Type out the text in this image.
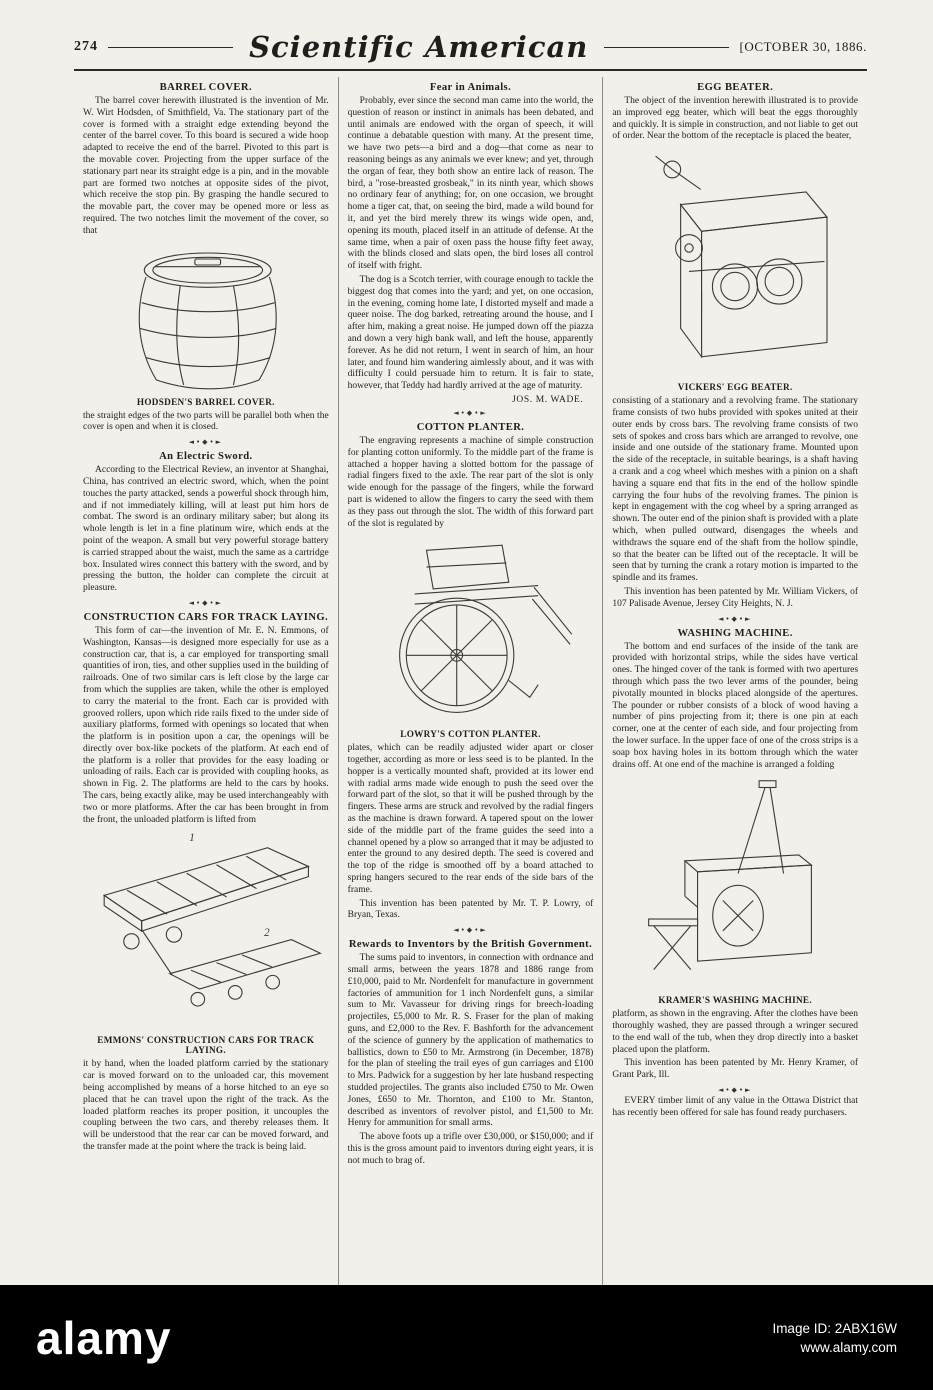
274	Scientific American	[OCTOBER 30, 1886.
BARREL COVER.

The barrel cover herewith illustrated is the invention of Mr. W. Wirt Hodsden, of Smithfield, Va. The stationary part of the cover is formed with a straight edge extending beyond the center of the barrel cover. To this board is secured a wide hoop adapted to receive the end of the barrel. Pivoted to this part is the movable cover. Projecting from the upper surface of the stationary part near its straight edge is a pin, and in the movable part are formed two notches at opposite sides of the pivot, which receive the stop pin. By grasping the handle secured to the movable part, the cover may be opened more or less as required. The two notches limit the movement of the cover, so that

HODSDEN'S BARREL COVER.

the straight edges of the two parts will be parallel both when the cover is open and when it is closed.

◄•◆•►
An Electric Sword.

According to the Electrical Review, an inventor at Shanghai, China, has contrived an electric sword, which, when the point touches the party attacked, sends a powerful shock through him, and if not immediately killing, will at least put him hors de combat. The sword is an ordinary military saber; but along its whole length is let in a fine platinum wire, which ends at the point of the weapon. A small but very powerful storage battery is carried strapped about the waist, much the same as a cartridge box. Insulated wires connect this battery with the sword, and by pressing the button, the holder can complete the circuit at pleasure.

◄•◆•►
CONSTRUCTION CARS FOR TRACK LAYING.

This form of car—the invention of Mr. E. N. Emmons, of Washington, Kansas—is designed more especially for use as a construction car, that is, a car employed for transporting small quantities of iron, ties, and other supplies used in the building of railroads. One of two similar cars is left close by the large car from which the supplies are taken, while the other is employed to carry the material to the front. Each car is provided with grooved rollers, upon which ride rails fixed to the under side of auxiliary platforms, formed with openings so located that when the platform is in position upon a car, the openings will be directly over box-like pockets of the platform. At each end of the platform is a roller that provides for the easy loading or unloading of rails. Each car is provided with coupling hooks, as shown in Fig. 2. The platforms are held to the cars by hooks. The cars, being exactly alike, may be used interchangeably with two or more platforms. After the car has been brought in from the front, the unloaded platform is lifted from

1
2
EMMONS' CONSTRUCTION CARS FOR TRACK LAYING.

it by hand, when the loaded platform carried by the stationary car is moved forward on to the unloaded car, this movement being accomplished by means of a horse hitched to an eye so placed that he can travel upon the right of the track. As the loaded platform reaches its proper position, it uncouples the coupling between the two cars, and thereby releases them. It will be understood that the rear car can be moved forward, and the transfer made at the point where the track is being laid.

Fear in Animals.

Probably, ever since the second man came into the world, the question of reason or instinct in animals has been debated, and until animals are endowed with the organ of speech, it will continue a debatable question with many. At the present time, we have two pets—a bird and a dog—that come as near to reasoning beings as any animals we ever knew; and yet, through the organ of fear, they both show an entire lack of reason. The bird, a "rose-breasted grosbeak," in its ninth year, which shows no ordinary fear of anything; for, on one occasion, we brought home a tiger cat, that, on seeing the bird, made a wild bound for it, and yet the bird merely threw its wings wide open, and, opening its mouth, placed itself in an attitude of defense. At the same time, when a pair of oxen pass the house fifty feet away, with the blinds closed and slats open, the bird loses all control of itself with fright.

The dog is a Scotch terrier, with courage enough to tackle the biggest dog that comes into the yard; and yet, on one occasion, in the evening, coming home late, I distorted myself and made a queer noise. The dog barked, retreating around the house, and I after him, making a great noise. He jumped down off the piazza and down a very high bank wall, and left the house, apparently forever. As he did not return, I went in search of him, an hour later, and found him wandering aimlessly about, and it was with difficulty I could persuade him to return. It is fair to state, however, that Teddy had hardly arrived at the age of maturity.

JOS. M. WADE.
◄•◆•►
COTTON PLANTER.

The engraving represents a machine of simple construction for planting cotton uniformly. To the middle part of the frame is attached a hopper having a slotted bottom for the passage of radial fingers fixed to the axle. The rear part of the slot is only wide enough for the passage of the fingers, while the forward part is widened to allow the fingers to carry the seed with them as they pass out through the slot. The width of this forward part of the slot is regulated by

LOWRY'S COTTON PLANTER.

plates, which can be readily adjusted wider apart or closer together, according as more or less seed is to be planted. In the hopper is a vertically mounted shaft, provided at its lower end with radial arms made wide enough to push the seed over the forward part of the slot, so that it will be pushed through by the fingers. These arms are struck and revolved by the radial fingers as the machine is drawn forward. A tapered spout on the lower side of the middle part of the frame guides the seed into a channel opened by a plow so arranged that it may be adjusted to enter the ground to any desired depth. The seed is covered and the top of the ridge is smoothed off by a board attached to spring hangers secured to the rear ends of the side bars of the frame.

This invention has been patented by Mr. T. P. Lowry, of Bryan, Texas.

◄•◆•►
Rewards to Inventors by the British Government.

The sums paid to inventors, in connection with ordnance and small arms, between the years 1878 and 1886 range from £10,000, paid to Mr. Nordenfelt for manufacture in government factories of ammunition for 1 inch Nordenfelt guns, a similar sum to Mr. Vavasseur for driving rings for breech-loading projectiles, £5,000 to Mr. R. S. Fraser for the plan of making guns, and £2,000 to the Rev. F. Bashforth for the advancement of the science of gunnery by the application of mathematics to ballistics, down to £50 to Mr. Armstrong (in December, 1878) for the plan of steeling the trail eyes of gun carriages and £100 to Mrs. Padwick for a suggestion by her late husband respecting studded projectiles. The grants also included £750 to Mr. Owen Jones, £650 to Mr. Thornton, and £100 to Mr. Stanton, described as inventors of revolver pistol, and £1,500 to Mr. Henry for ammunition for small arms.

The above foots up a trifle over £30,000, or $150,000; and if this is the gross amount paid to inventors during eight years, it is not much to brag of.

EGG BEATER.

The object of the invention herewith illustrated is to provide an improved egg beater, which will beat the eggs thoroughly and quickly. It is simple in construction, and not liable to get out of order. Near the bottom of the receptacle is placed the beater,

VICKERS' EGG BEATER.

consisting of a stationary and a revolving frame. The stationary frame consists of two hubs provided with spokes united at their outer ends by cross bars. The revolving frame consists of two sets of spokes and cross bars which are arranged to revolve, one inside and one outside of the stationary frame. Mounted upon the side of the receptacle, in suitable bearings, is a shaft having a crank and a cog wheel which meshes with a pinion on a shaft having a square end that fits in the end of the hollow spindle carrying the four hubs of the revolving frames. The pinion is kept in engagement with the cog wheel by a spring arranged as shown. The outer end of the pinion shaft is provided with a plate which, when pulled outward, disengages the wheels and withdraws the square end of the shaft from the hollow spindle, so that the beater can be lifted out of the receptacle. It will be seen that by turning the crank a rotary motion is imparted to the spindle and its frames.

This invention has been patented by Mr. William Vickers, of 107 Palisade Avenue, Jersey City Heights, N. J.

◄•◆•►
WASHING MACHINE.

The bottom and end surfaces of the inside of the tank are provided with horizontal strips, while the sides have vertical ones. The hinged cover of the tank is formed with two apertures through which pass the two lever arms of the pounder, being pivotally mounted in blocks placed alongside of the apertures. The pounder or rubber consists of a block of wood having a number of pins projecting from it; there is one pin at each corner, one at the center of each side, and four projecting from the lower surface. In the upper face of one of the cross strips is a soap box having holes in its bottom through which the water drains off. At one end of the machine is arranged a folding

KRAMER'S WASHING MACHINE.

platform, as shown in the engraving. After the clothes have been thoroughly washed, they are passed through a wringer secured to the end wall of the tub, when they drop directly into a basket placed upon the platform.

This invention has been patented by Mr. Henry Kramer, of Grant Park, Ill.

◄•◆•►

EVERY timber limit of any value in the Ottawa District that has recently been offered for sale has found ready purchasers.

alamy	Image ID: 2ABX16W
www.alamy.com
